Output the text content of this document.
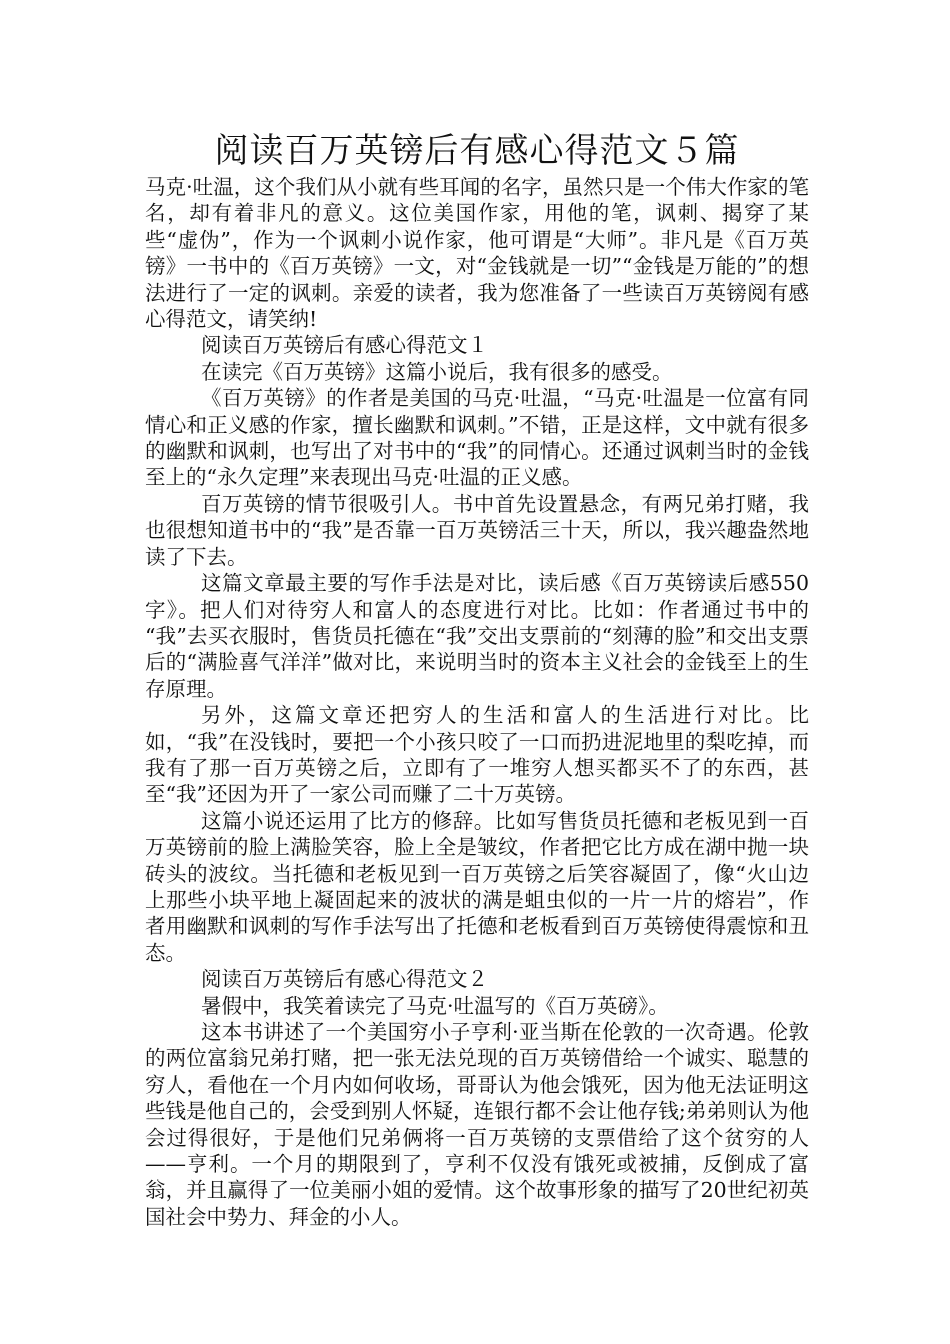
阅读百万英镑后有感心得范文５篇

马克·吐温，这个我们从小就有些耳闻的名字，虽然只是一个伟大作家的笔名，却有着非凡的意义。这位美国作家，用他的笔，讽刺、揭穿了某些“虚伪”，作为一个讽刺小说作家，他可谓是“大师”。非凡是《百万英镑》一书中的《百万英镑》一文，对“金钱就是一切”“金钱是万能的”的想法进行了一定的讽刺。亲爱的读者，我为您准备了一些读百万英镑阅有感心得范文，请笑纳!

阅读百万英镑后有感心得范文１

在读完《百万英镑》这篇小说后，我有很多的感受。

《百万英镑》的作者是美国的马克·吐温，“马克·吐温是一位富有同情心和正义感的作家，擅长幽默和讽刺。”不错，正是这样，文中就有很多的幽默和讽刺，也写出了对书中的“我”的同情心。还通过讽刺当时的金钱至上的“永久定理”来表现出马克·吐温的正义感。

百万英镑的情节很吸引人。书中首先设置悬念，有两兄弟打赌，我也很想知道书中的“我”是否靠一百万英镑活三十天，所以，我兴趣盎然地读了下去。

这篇文章最主要的写作手法是对比，读后感《百万英镑读后感550字》。把人们对待穷人和富人的态度进行对比。比如：作者通过书中的 “我”去买衣服时，售货员托德在“我”交出支票前的“刻薄的脸”和交出支票后的“满脸喜气洋洋”做对比，来说明当时的资本主义社会的金钱至上的生存原理。

另外，这篇文章还把穷人的生活和富人的生活进行对比。比如，“我”在没钱时，要把一个小孩只咬了一口而扔进泥地里的梨吃掉，而我有了那一百万英镑之后，立即有了一堆穷人想买都买不了的东西，甚至“我”还因为开了一家公司而赚了二十万英镑。

这篇小说还运用了比方的修辞。比如写售货员托德和老板见到一百万英镑前的脸上满脸笑容，脸上全是皱纹，作者把它比方成在湖中抛一块砖头的波纹。当托德和老板见到一百万英镑之后笑容凝固了，像“火山边上那些小块平地上凝固起来的波状的满是蛆虫似的一片一片的熔岩”，作者用幽默和讽刺的写作手法写出了托德和老板看到百万英镑使得震惊和丑态。

阅读百万英镑后有感心得范文２

暑假中，我笑着读完了马克·吐温写的《百万英磅》。

这本书讲述了一个美国穷小子亨利·亚当斯在伦敦的一次奇遇。伦敦的两位富翁兄弟打赌，把一张无法兑现的百万英镑借给一个诚实、聪慧的穷人，看他在一个月内如何收场，哥哥认为他会饿死，因为他无法证明这些钱是他自己的，会受到别人怀疑，连银行都不会让他存钱;弟弟则认为他会过得很好，于是他们兄弟俩将一百万英镑的支票借给了这个贫穷的人——亨利。一个月的期限到了，亨利不仅没有饿死或被捕，反倒成了富翁，并且赢得了一位美丽小姐的爱情。这个故事形象的描写了20世纪初英国社会中势力、拜金的小人。
